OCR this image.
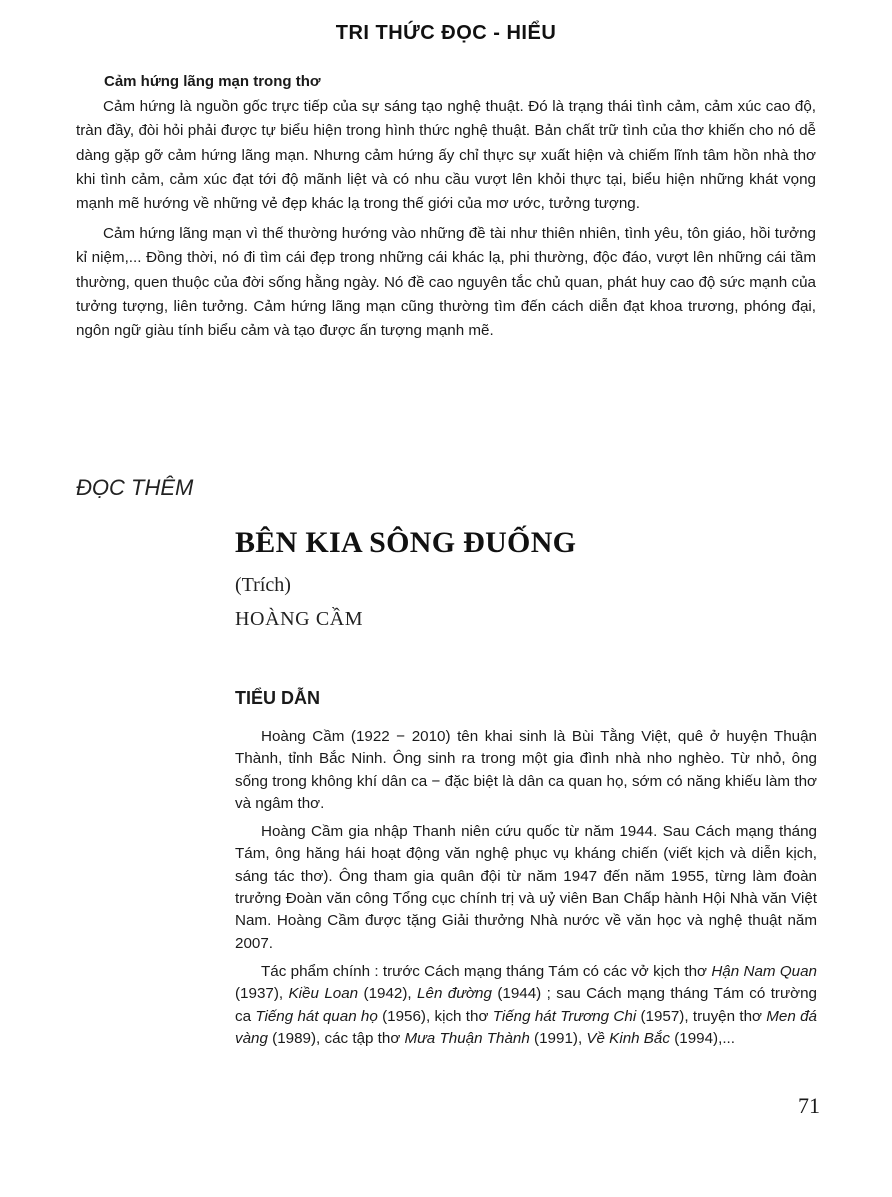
TRI THỨC ĐỌC - HIỂU
Cảm hứng lãng mạn trong thơ

Cảm hứng là nguồn gốc trực tiếp của sự sáng tạo nghệ thuật. Đó là trạng thái tình cảm, cảm xúc cao độ, tràn đầy, đòi hỏi phải được tự biểu hiện trong hình thức nghệ thuật. Bản chất trữ tình của thơ khiến cho nó dễ dàng gặp gỡ cảm hứng lãng mạn. Nhưng cảm hứng ấy chỉ thực sự xuất hiện và chiếm lĩnh tâm hồn nhà thơ khi tình cảm, cảm xúc đạt tới độ mãnh liệt và có nhu cầu vượt lên khỏi thực tại, biểu hiện những khát vọng mạnh mẽ hướng về những vẻ đẹp khác lạ trong thế giới của mơ ước, tưởng tượng.

Cảm hứng lãng mạn vì thế thường hướng vào những đề tài như thiên nhiên, tình yêu, tôn giáo, hồi tưởng kỉ niệm,... Đồng thời, nó đi tìm cái đẹp trong những cái khác lạ, phi thường, độc đáo, vượt lên những cái tầm thường, quen thuộc của đời sống hằng ngày. Nó đề cao nguyên tắc chủ quan, phát huy cao độ sức mạnh của tưởng tượng, liên tưởng. Cảm hứng lãng mạn cũng thường tìm đến cách diễn đạt khoa trương, phóng đại, ngôn ngữ giàu tính biểu cảm và tạo được ấn tượng mạnh mẽ.

ĐỌC THÊM
BÊN KIA SÔNG ĐUỐNG
(Trích)
HOÀNG CẦM
TIỂU DẪN

Hoàng Cầm (1922 − 2010) tên khai sinh là Bùi Tằng Việt, quê ở huyện Thuận Thành, tỉnh Bắc Ninh. Ông sinh ra trong một gia đình nhà nho nghèo. Từ nhỏ, ông sống trong không khí dân ca − đặc biệt là dân ca quan họ, sớm có năng khiếu làm thơ và ngâm thơ.

Hoàng Cầm gia nhập Thanh niên cứu quốc từ năm 1944. Sau Cách mạng tháng Tám, ông hăng hái hoạt động văn nghệ phục vụ kháng chiến (viết kịch và diễn kịch, sáng tác thơ). Ông tham gia quân đội từ năm 1947 đến năm 1955, từng làm đoàn trưởng Đoàn văn công Tổng cục chính trị và uỷ viên Ban Chấp hành Hội Nhà văn Việt Nam. Hoàng Cầm được tặng Giải thưởng Nhà nước về văn học và nghệ thuật năm 2007.

Tác phẩm chính : trước Cách mạng tháng Tám có các vở kịch thơ Hận Nam Quan (1937), Kiều Loan (1942), Lên đường (1944) ; sau Cách mạng tháng Tám có trường ca Tiếng hát quan họ (1956), kịch thơ Tiếng hát Trương Chi (1957), truyện thơ Men đá vàng (1989), các tập thơ Mưa Thuận Thành (1991), Về Kinh Bắc (1994),...

71
